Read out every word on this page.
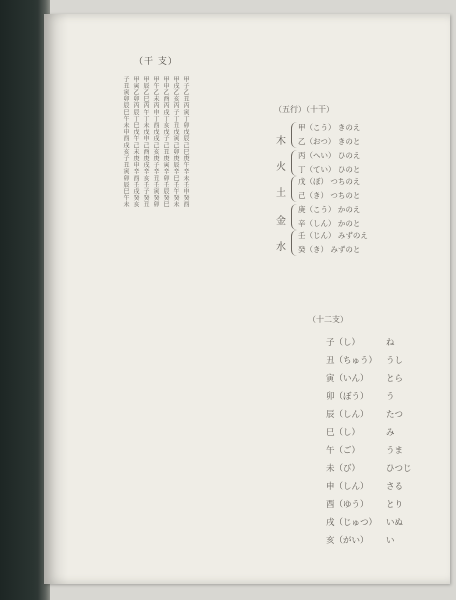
（干 支）
甲子乙丑丙寅丁卯戊辰己巳庚午辛未壬申癸酉
甲戌乙亥丙子丁丑戊寅己卯庚辰辛巳壬午癸未
甲申乙酉丙戌丁亥戊子己丑庚寅辛卯壬辰癸巳
甲午乙未丙申丁酉戊戌己亥庚子辛丑壬寅癸卯
甲辰乙巳丙午丁未戊申己酉庚戌辛亥壬子癸丑
甲寅乙卯丙辰丁巳戊午己未庚申辛酉壬戌癸亥
子丑寅卯辰巳午未申酉戌亥子丑寅卯辰巳午未	（五行）（十干）
木
甲（こう） きのえ
乙（おつ） きのと
火
丙（へい） ひのえ
丁（てい） ひのと
土
戊（ぼ） つちのえ
己（き） つちのと
金
庚（こう） かのえ
辛（しん） かのと
水
壬（じん） みずのえ
癸（き） みずのと
（十二支）
子（し）	ね
丑（ちゅう） うし
寅（いん） とら
卯（ぼう） う
辰（しん） たつ
巳（し）	み
午（ご）	うま
未（び）	ひつじ
申（しん） さる
酉（ゆう） とり
戌（じゅつ） いぬ
亥（がい） い
